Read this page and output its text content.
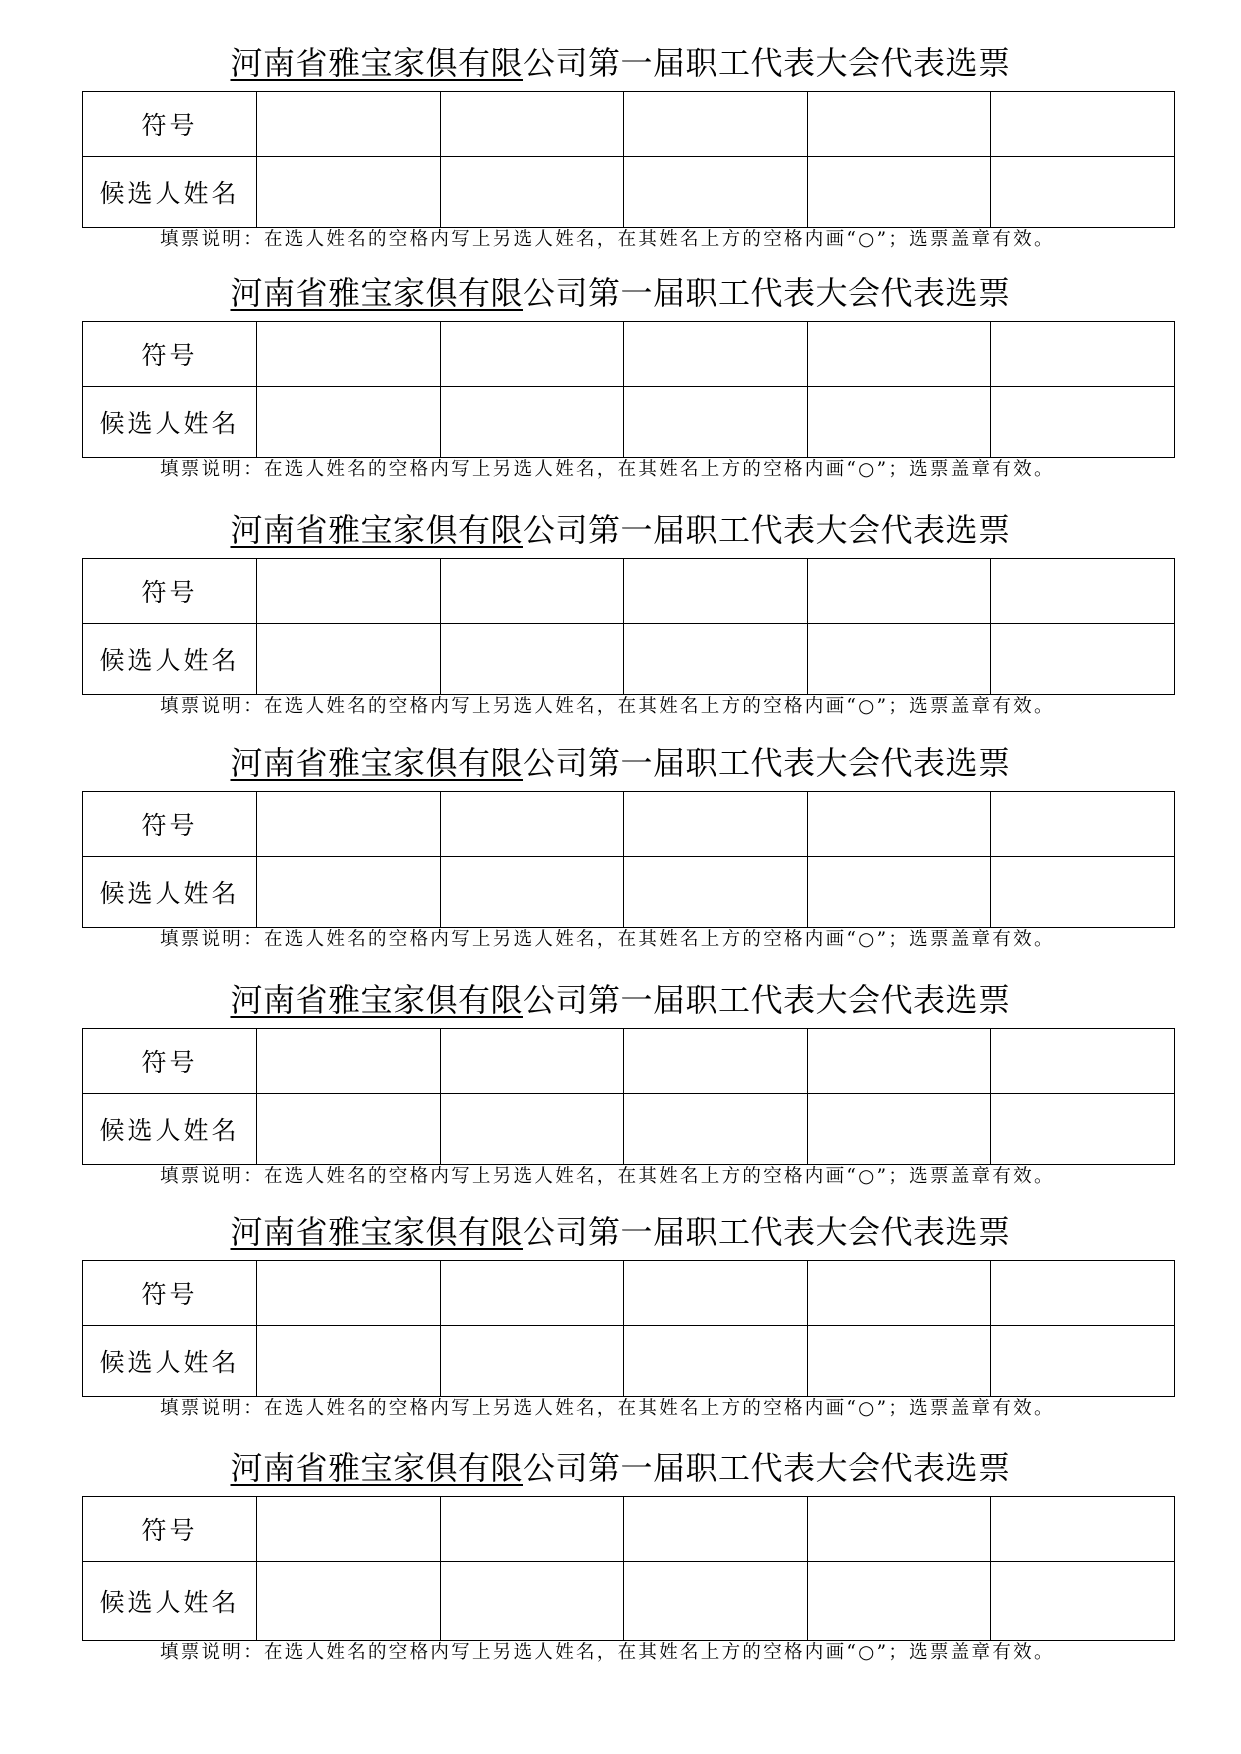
河南省雅宝家俱有限公司第一届职工代表大会代表选票
符号					
候选人姓名					
填票说明：在选人姓名的空格内写上另选人姓名，在其姓名上方的空格内画“○”；选票盖章有效。
河南省雅宝家俱有限公司第一届职工代表大会代表选票
符号					
候选人姓名					
填票说明：在选人姓名的空格内写上另选人姓名，在其姓名上方的空格内画“○”；选票盖章有效。
河南省雅宝家俱有限公司第一届职工代表大会代表选票
符号					
候选人姓名					
填票说明：在选人姓名的空格内写上另选人姓名，在其姓名上方的空格内画“○”；选票盖章有效。
河南省雅宝家俱有限公司第一届职工代表大会代表选票
符号					
候选人姓名					
填票说明：在选人姓名的空格内写上另选人姓名，在其姓名上方的空格内画“○”；选票盖章有效。
河南省雅宝家俱有限公司第一届职工代表大会代表选票
符号					
候选人姓名					
填票说明：在选人姓名的空格内写上另选人姓名，在其姓名上方的空格内画“○”；选票盖章有效。
河南省雅宝家俱有限公司第一届职工代表大会代表选票
符号					
候选人姓名					
填票说明：在选人姓名的空格内写上另选人姓名，在其姓名上方的空格内画“○”；选票盖章有效。
河南省雅宝家俱有限公司第一届职工代表大会代表选票
符号					
候选人姓名					
填票说明：在选人姓名的空格内写上另选人姓名，在其姓名上方的空格内画“○”；选票盖章有效。
